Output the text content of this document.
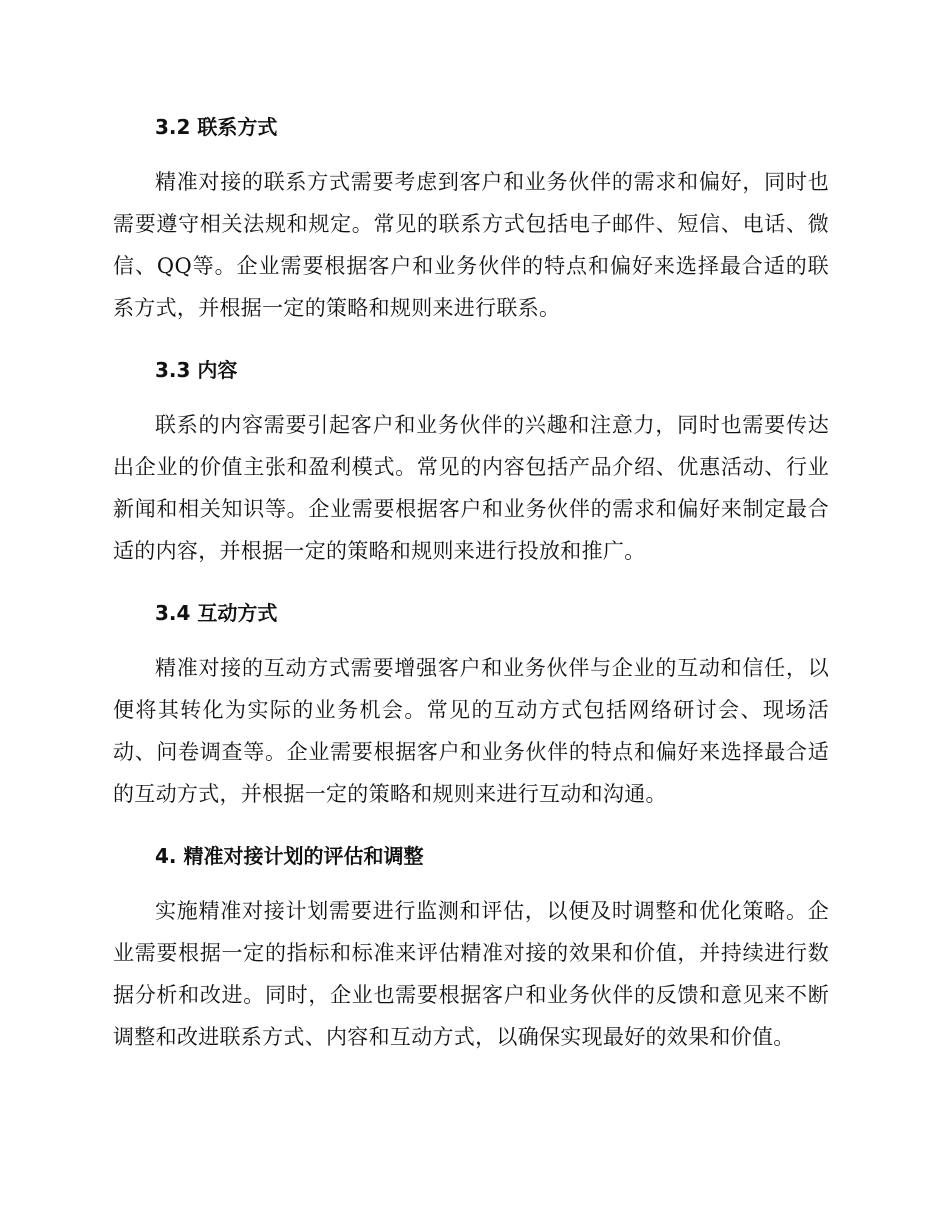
3.2 联系方式

精准对接的联系方式需要考虑到客户和业务伙伴的需求和偏好，同时也需要遵守相关法规和规定。常见的联系方式包括电子邮件、短信、电话、微信、QQ等。企业需要根据客户和业务伙伴的特点和偏好来选择最合适的联系方式，并根据一定的策略和规则来进行联系。

3.3 内容

联系的内容需要引起客户和业务伙伴的兴趣和注意力，同时也需要传达出企业的价值主张和盈利模式。常见的内容包括产品介绍、优惠活动、行业新闻和相关知识等。企业需要根据客户和业务伙伴的需求和偏好来制定最合适的内容，并根据一定的策略和规则来进行投放和推广。

3.4 互动方式

精准对接的互动方式需要增强客户和业务伙伴与企业的互动和信任，以便将其转化为实际的业务机会。常见的互动方式包括网络研讨会、现场活动、问卷调查等。企业需要根据客户和业务伙伴的特点和偏好来选择最合适的互动方式，并根据一定的策略和规则来进行互动和沟通。

4. 精准对接计划的评估和调整

实施精准对接计划需要进行监测和评估，以便及时调整和优化策略。企业需要根据一定的指标和标准来评估精准对接的效果和价值，并持续进行数据分析和改进。同时，企业也需要根据客户和业务伙伴的反馈和意见来不断调整和改进联系方式、内容和互动方式，以确保实现最好的效果和价值。
